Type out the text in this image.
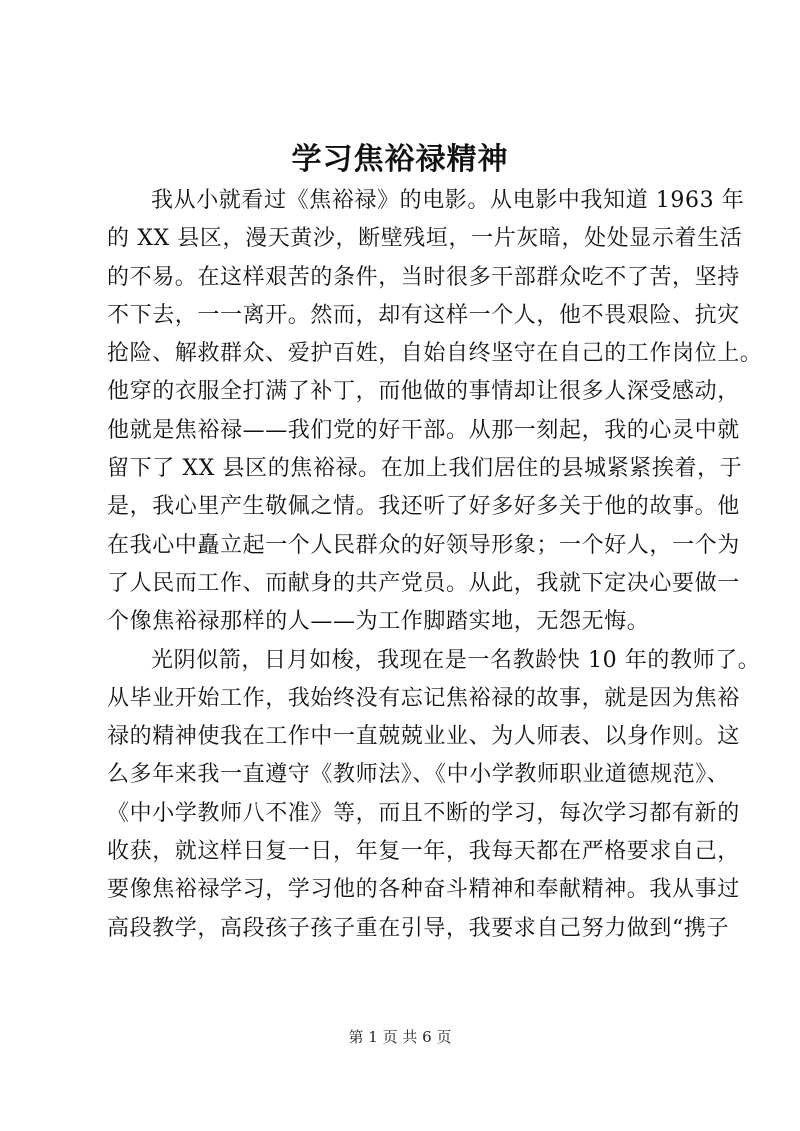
学习焦裕禄精神
我从小就看过《焦裕禄》的电影。从电影中我知道 1963 年
的 XX 县区，漫天黄沙，断壁残垣，一片灰暗，处处显示着生活
的不易。在这样艰苦的条件，当时很多干部群众吃不了苦，坚持
不下去，一一离开。然而，却有这样一个人，他不畏艰险、抗灾
抢险、解救群众、爱护百姓，自始自终坚守在自己的工作岗位上。
他穿的衣服全打满了补丁，而他做的事情却让很多人深受感动，
他就是焦裕禄——我们党的好干部。从那一刻起，我的心灵中就
留下了 XX 县区的焦裕禄。在加上我们居住的县城紧紧挨着，于
是，我心里产生敬佩之情。我还听了好多好多关于他的故事。他
在我心中矗立起一个人民群众的好领导形象；一个好人，一个为
了人民而工作、而献身的共产党员。从此，我就下定决心要做一
个像焦裕禄那样的人——为工作脚踏实地，无怨无悔。
光阴似箭，日月如梭，我现在是一名教龄快 10 年的教师了。
从毕业开始工作，我始终没有忘记焦裕禄的故事，就是因为焦裕
禄的精神使我在工作中一直兢兢业业、为人师表、以身作则。这
么多年来我一直遵守《教师法》、《中小学教师职业道德规范》、
《中小学教师八不准》等，而且不断的学习，每次学习都有新的
收获，就这样日复一日，年复一年，我每天都在严格要求自己，
要像焦裕禄学习，学习他的各种奋斗精神和奉献精神。我从事过
高段教学，高段孩子孩子重在引导，我要求自己努力做到“携子
第 1 页 共 6 页
